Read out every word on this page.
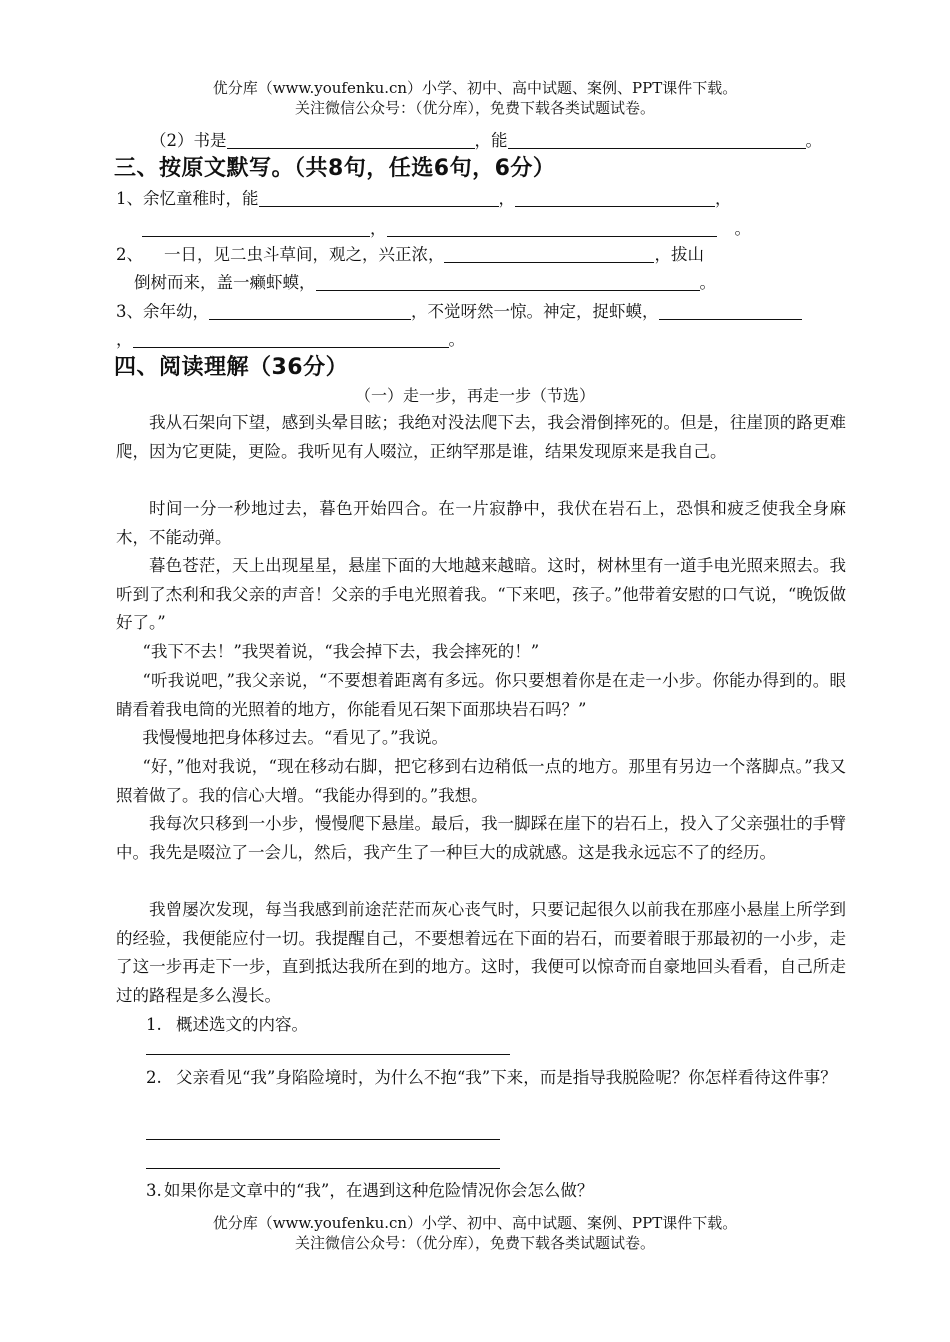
优分库（www.youfenku.cn）小学、初中、高中试题、案例、PPT课件下载。
关注微信公众号：（优分库），免费下载各类试题试卷。
（2）书是	，能	。
三、按原文默写。（共8句，任选6句，6分）
1、余忆童稚时，能	，	，
，	。
2、    一日，见二虫斗草间，观之，兴正浓，	，拔山
倒树而来，盖一癞虾蟆，	。
3、余年幼，	，不觉呀然一惊。神定，捉虾蟆，
，	。
四、阅读理解（36分）
（一）走一步，再走一步（节选）

我从石架向下望，感到头晕目眩；我绝对没法爬下去，我会滑倒摔死的。但是，往崖顶的路更难爬，因为它更陡，更险。我听见有人啜泣，正纳罕那是谁，结果发现原来是我自己。

时间一分一秒地过去，暮色开始四合。在一片寂静中，我伏在岩石上，恐惧和疲乏使我全身麻木，不能动弹。

暮色苍茫，天上出现星星，悬崖下面的大地越来越暗。这时，树林里有一道手电光照来照去。我听到了杰利和我父亲的声音！父亲的手电光照着我。“下来吧，孩子。”他带着安慰的口气说，“晚饭做好了。”

“我下不去！”我哭着说，“我会掉下去，我会摔死的！”

“听我说吧，”我父亲说，“不要想着距离有多远。你只要想着你是在走一小步。你能办得到的。眼睛看着我电筒的光照着的地方，你能看见石架下面那块岩石吗？”

我慢慢地把身体移过去。“看见了。”我说。

“好，”他对我说，“现在移动右脚，把它移到右边稍低一点的地方。那里有另边一个落脚点。”我又照着做了。我的信心大增。“我能办得到的。”我想。

我每次只移到一小步，慢慢爬下悬崖。最后，我一脚踩在崖下的岩石上，投入了父亲强壮的手臂中。我先是啜泣了一会儿，然后，我产生了一种巨大的成就感。这是我永远忘不了的经历。

我曾屡次发现，每当我感到前途茫茫而灰心丧气时，只要记起很久以前我在那座小悬崖上所学到的经验，我便能应付一切。我提醒自己，不要想着远在下面的岩石，而要着眼于那最初的一小步，走了这一步再走下一步，直到抵达我所在到的地方。这时，我便可以惊奇而自豪地回头看看，自己所走过的路程是多么漫长。

1. 概述选文的内容。
2. 父亲看见“我”身陷险境时，为什么不抱“我”下来，而是指导我脱险呢？你怎样看待这件事？

3. 如果你是文章中的“我”，在遇到这种危险情况你会怎么做？
优分库（www.youfenku.cn）小学、初中、高中试题、案例、PPT课件下载。
关注微信公众号：（优分库），免费下载各类试题试卷。
